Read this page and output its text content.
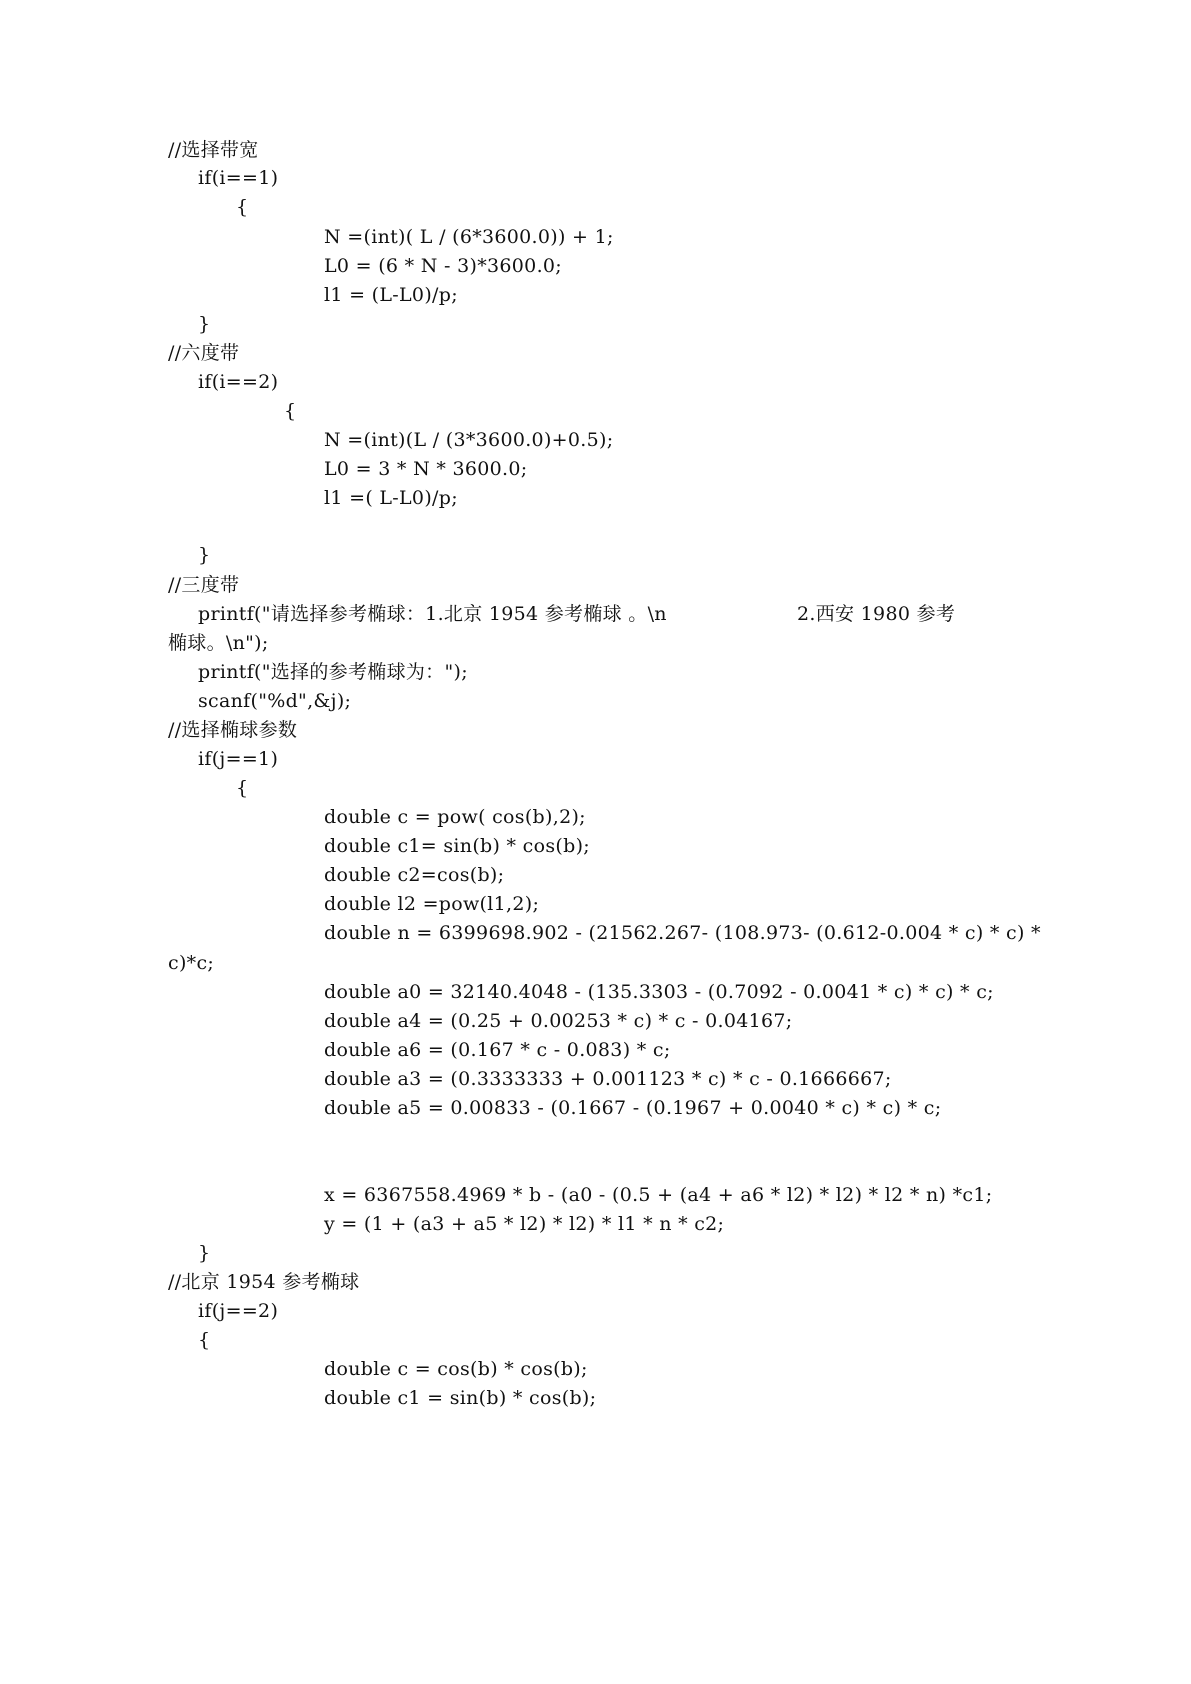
//选择带宽
if(i==1)
{
N =(int)( L / (6*3600.0)) + 1;
L0 = (6 * N - 3)*3600.0;
l1 = (L-L0)/p;
}
//六度带
if(i==2)
{
N =(int)(L / (3*3600.0)+0.5);
L0 = 3 * N * 3600.0;
l1 =( L-L0)/p;
}
//三度带
printf("请选择参考椭球：1.北京 1954 参考椭球 。\n	2.西安 1980 参考
椭球。\n");
printf("选择的参考椭球为：");
scanf("%d",&j);
//选择椭球参数
if(j==1)
{
double c = pow( cos(b),2);
double c1= sin(b) * cos(b);
double c2=cos(b);
double l2 =pow(l1,2);
double n = 6399698.902 - (21562.267- (108.973- (0.612-0.004 * c) * c) *
c)*c;
double a0 = 32140.4048 - (135.3303 - (0.7092 - 0.0041 * c) * c) * c;
double a4 = (0.25 + 0.00253 * c) * c - 0.04167;
double a6 = (0.167 * c - 0.083) * c;
double a3 = (0.3333333 + 0.001123 * c) * c - 0.1666667;
double a5 = 0.00833 - (0.1667 - (0.1967 + 0.0040 * c) * c) * c;
x = 6367558.4969 * b - (a0 - (0.5 + (a4 + a6 * l2) * l2) * l2 * n) *c1;
y = (1 + (a3 + a5 * l2) * l2) * l1 * n * c2;
}
//北京 1954 参考椭球
if(j==2)
{
double c = cos(b) * cos(b);
double c1 = sin(b) * cos(b);
